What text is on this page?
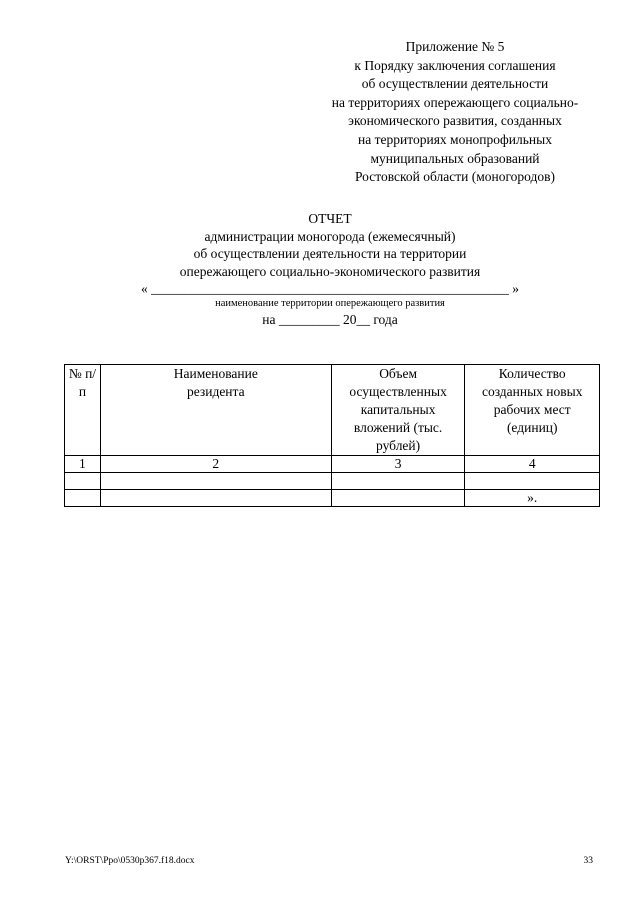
Приложение № 5
к Порядку заключения соглашения
об осуществлении деятельности
на территориях опережающего социально-
экономического развития, созданных
на территориях монопрофильных
муниципальных образований
Ростовской области (моногородов)
ОТЧЕТ
администрации моногорода (ежемесячный)
об осуществлении деятельности на территории
опережающего социально-экономического развития
« _____________________________________________________ »
наименование территории опережающего развития
на _________ 20__ года
№ п/п	Наименование резидента	Объем осуществленных капитальных вложений (тыс. рублей)	Количество созданных новых рабочих мест (единиц)
1	2	3	4

			».
Y:\ORST\Ppo\0530p367.f18.docx	33
